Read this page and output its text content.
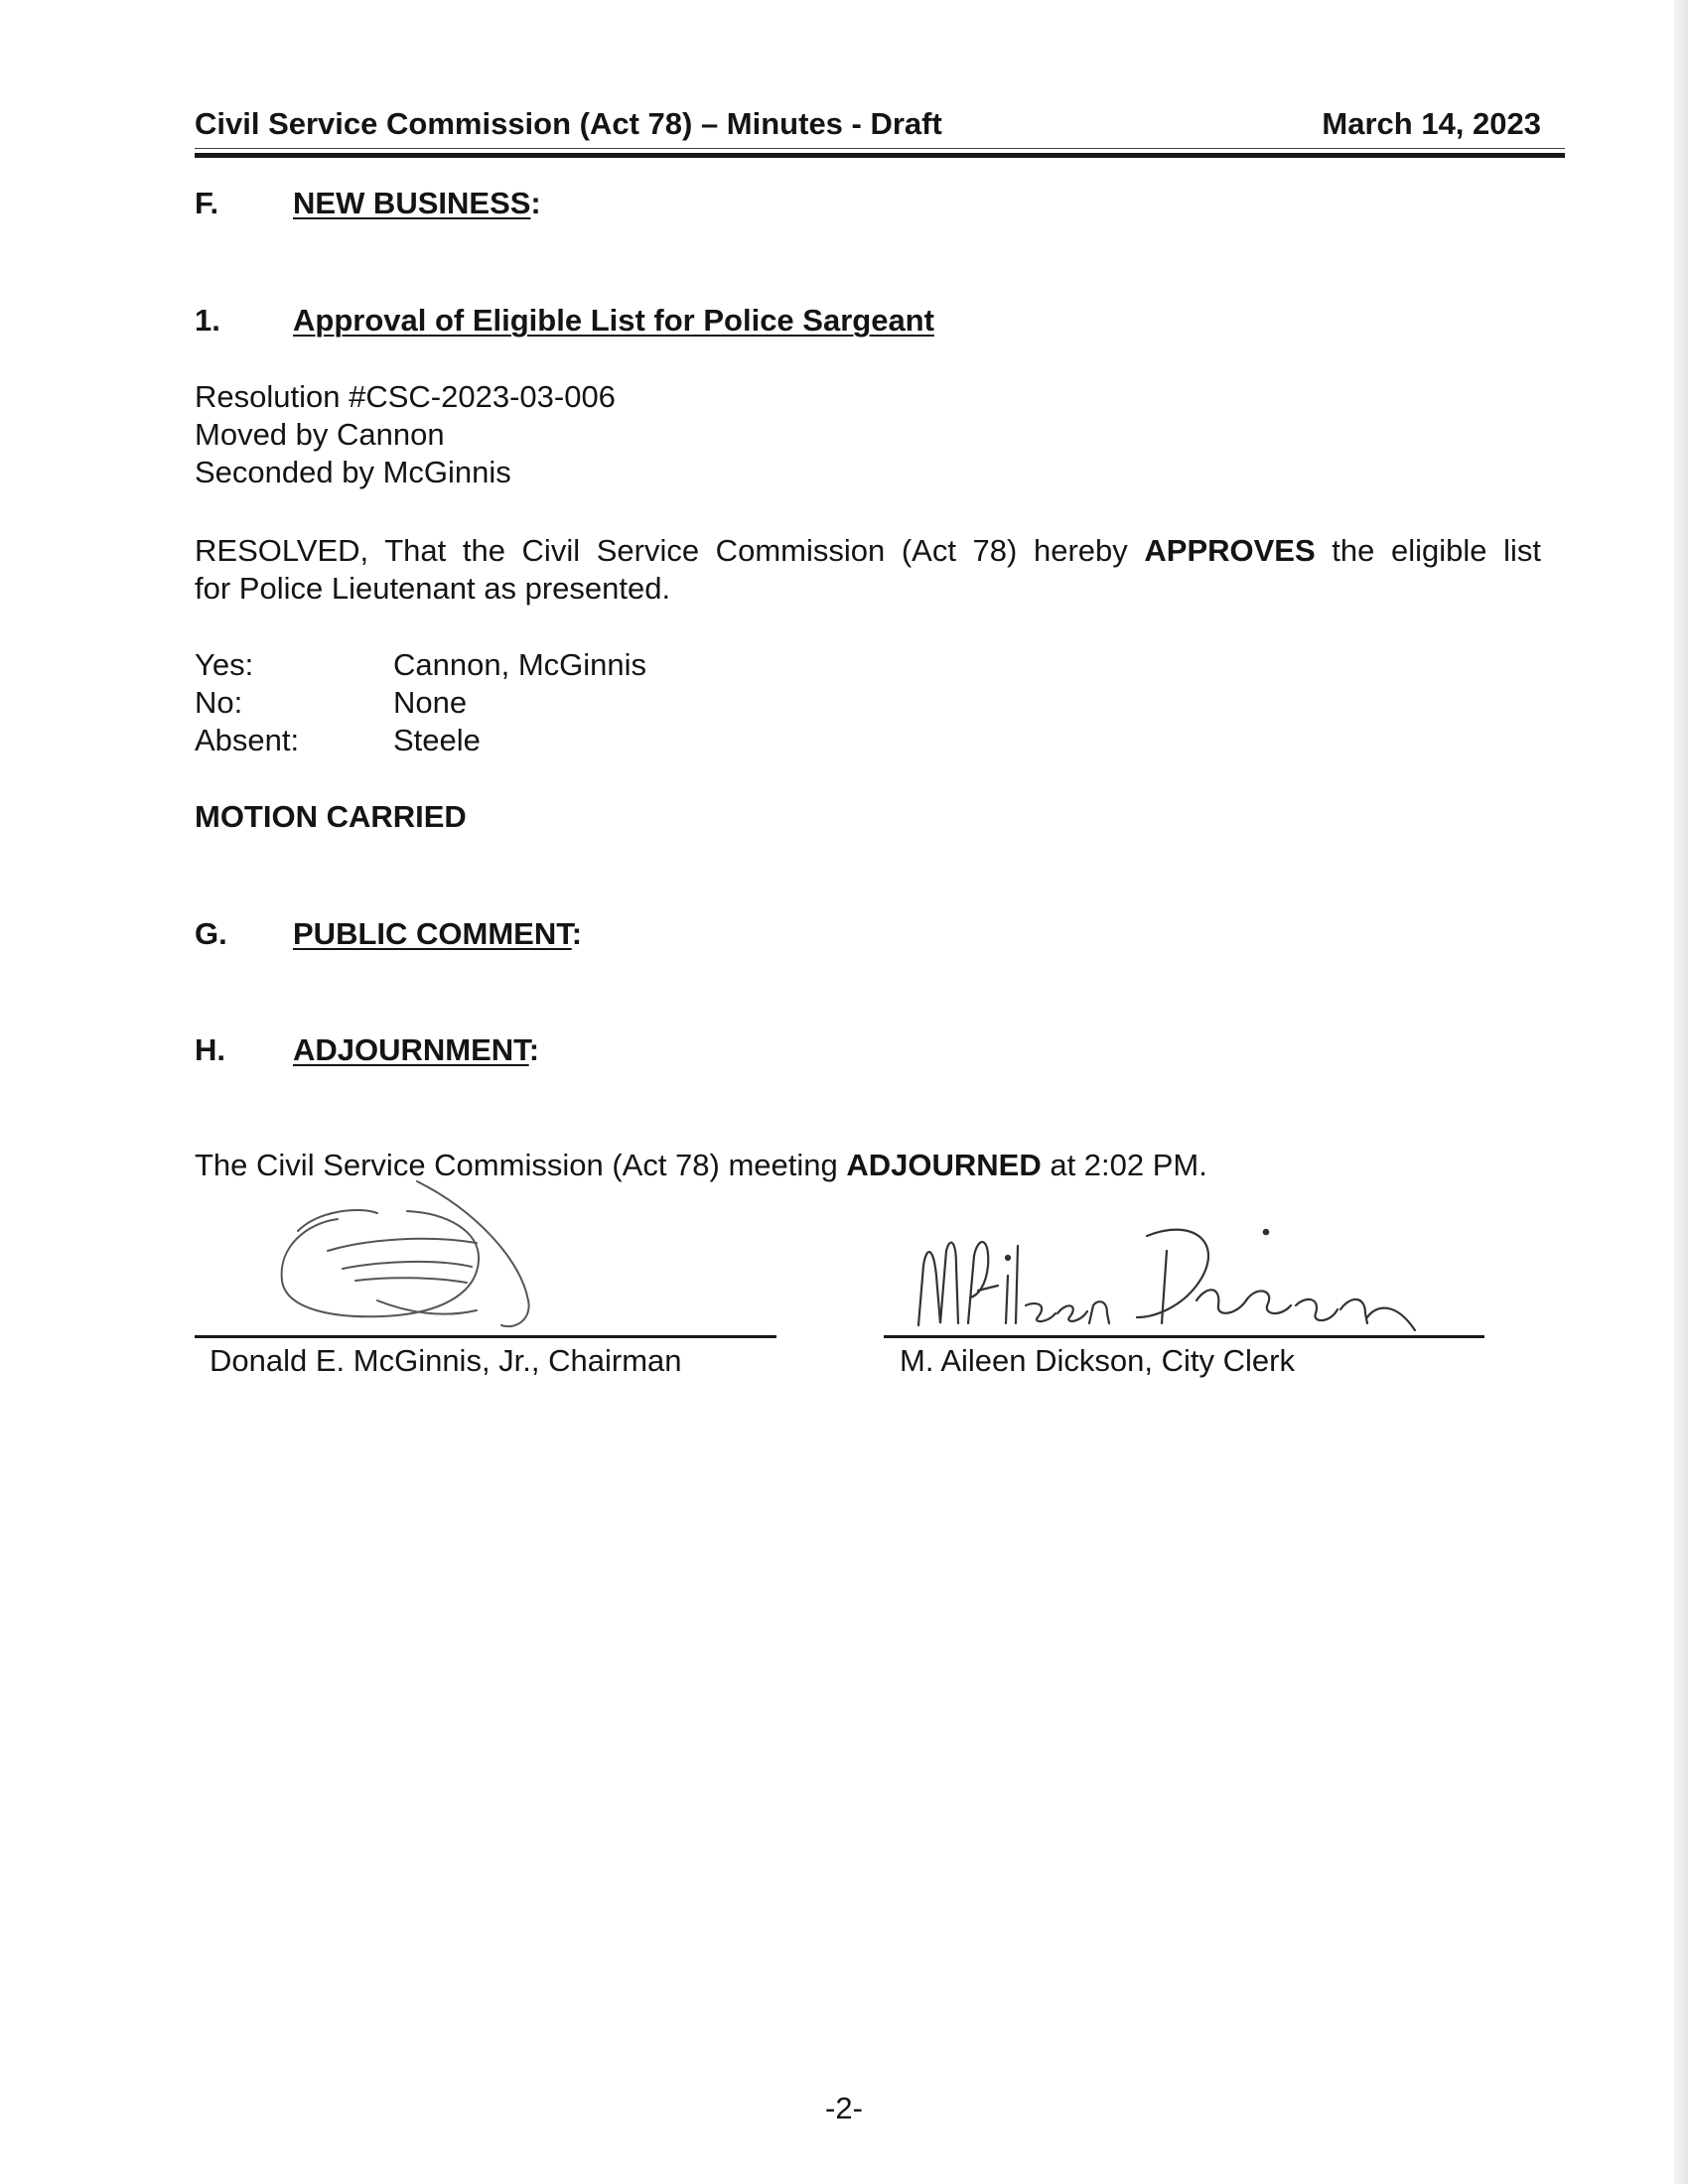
Civil Service Commission (Act 78) – Minutes - Draft	March 14, 2023
F. NEW BUSINESS:
1. Approval of Eligible List for Police Sargeant
Resolution #CSC-2023-03-006
Moved by Cannon
Seconded by McGinnis
RESOLVED, That the Civil Service Commission (Act 78) hereby APPROVES the eligible list
for Police Lieutenant as presented.
Yes:	Cannon, McGinnis
No:	None
Absent:	Steele
MOTION CARRIED
G. PUBLIC COMMENT:
H. ADJOURNMENT:
The Civil Service Commission (Act 78) meeting ADJOURNED at 2:02 PM.
Donald E. McGinnis, Jr., Chairman	M. Aileen Dickson, City Clerk
-2-
